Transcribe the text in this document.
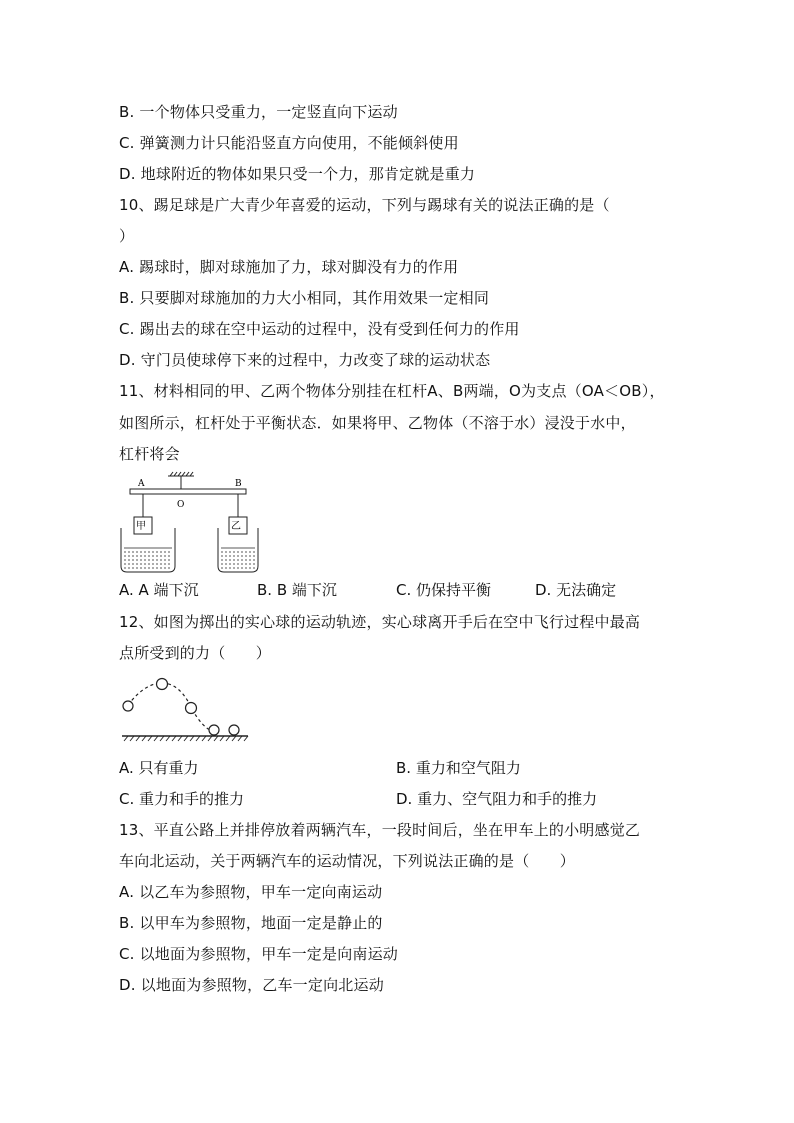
B. 一个物体只受重力，一定竖直向下运动
C. 弹簧测力计只能沿竖直方向使用，不能倾斜使用
D. 地球附近的物体如果只受一个力，那肯定就是重力
10、踢足球是广大青少年喜爱的运动，下列与踢球有关的说法正确的是（
）
A. 踢球时，脚对球施加了力，球对脚没有力的作用
B. 只要脚对球施加的力大小相同，其作用效果一定相同
C. 踢出去的球在空中运动的过程中，没有受到任何力的作用
D. 守门员使球停下来的过程中，力改变了球的运动状态
11、材料相同的甲、乙两个物体分别挂在杠杆A、B两端，O为支点（OA＜OB），
如图所示，杠杆处于平衡状态．如果将甲、乙物体（不溶于水）浸没于水中，
杠杆将会
A	B
O
甲	乙
A. A 端下沉	B. B 端下沉	C. 仍保持平衡	D. 无法确定
12、如图为掷出的实心球的运动轨迹，实心球离开手后在空中飞行过程中最高
点所受到的力（　　）
A. 只有重力	B. 重力和空气阻力
C. 重力和手的推力	D. 重力、空气阻力和手的推力
13、平直公路上并排停放着两辆汽车，一段时间后，坐在甲车上的小明感觉乙
车向北运动，关于两辆汽车的运动情况，下列说法正确的是（　　）
A. 以乙车为参照物，甲车一定向南运动
B. 以甲车为参照物，地面一定是静止的
C. 以地面为参照物，甲车一定是向南运动
D. 以地面为参照物，乙车一定向北运动
